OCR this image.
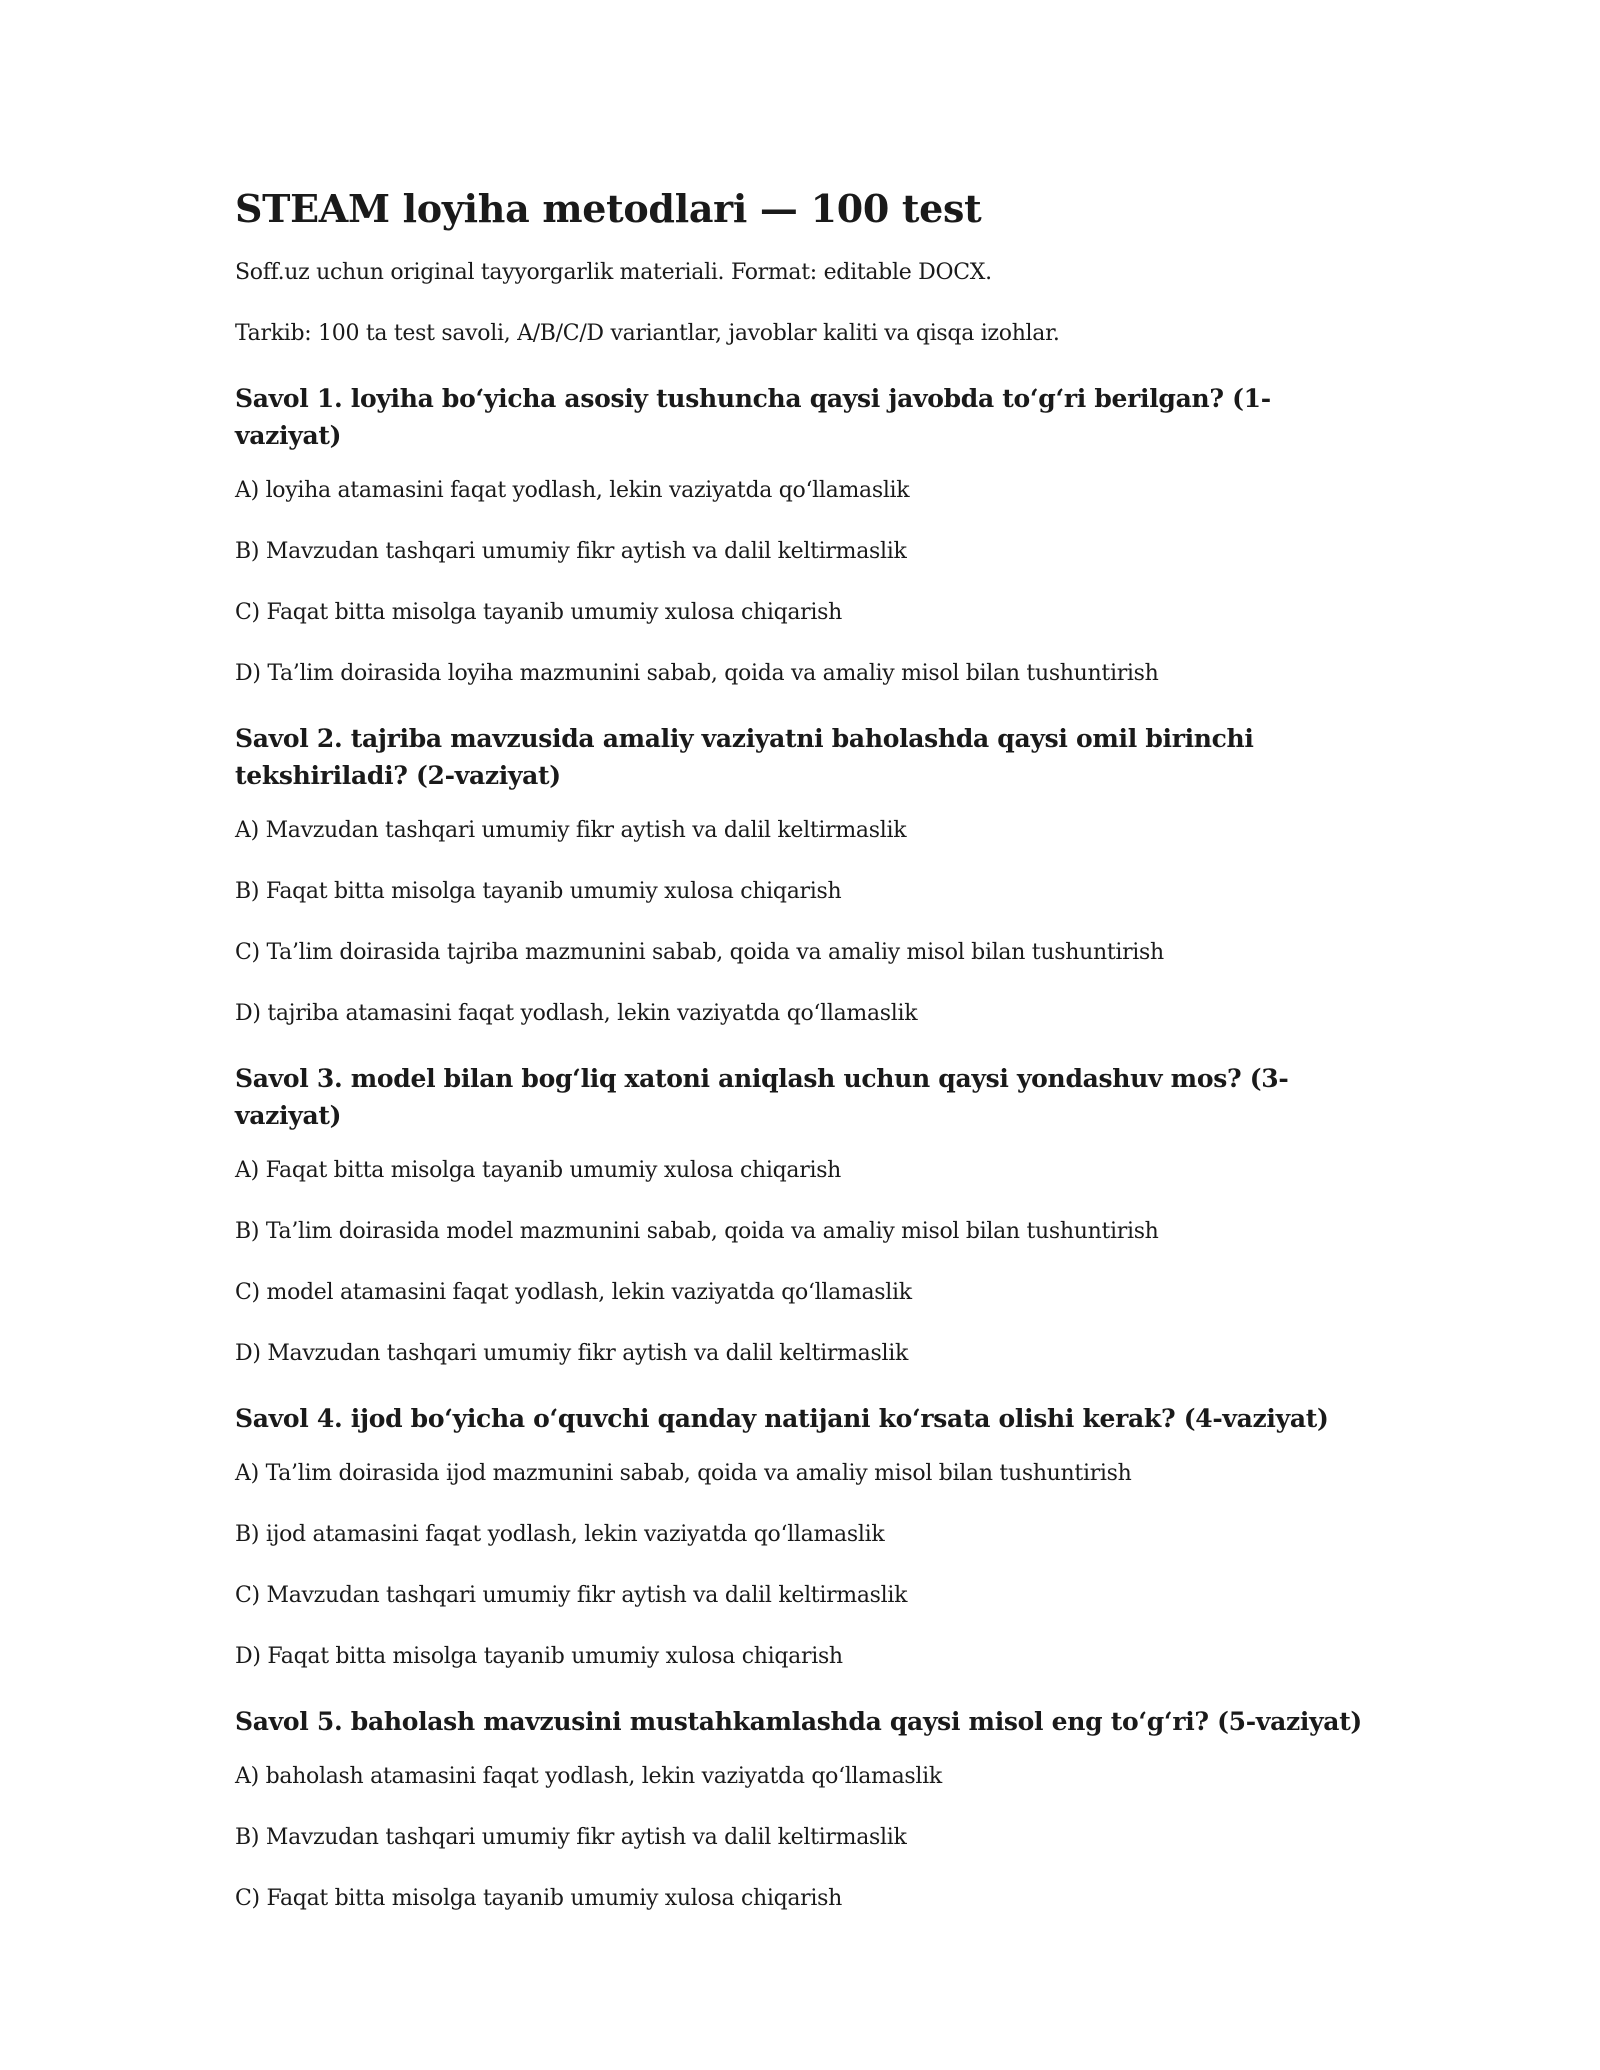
STEAM loyiha metodlari — 100 test

Soff.uz uchun original tayyorgarlik materiali. Format: editable DOCX.

Tarkib: 100 ta test savoli, A/B/C/D variantlar, javoblar kaliti va qisqa izohlar.

Savol 1. loyiha bo‘yicha asosiy tushuncha qaysi javobda to‘g‘ri berilgan? (1-vaziyat)

A) loyiha atamasini faqat yodlash, lekin vaziyatda qo‘llamaslik

B) Mavzudan tashqari umumiy fikr aytish va dalil keltirmaslik

C) Faqat bitta misolga tayanib umumiy xulosa chiqarish

D) Ta’lim doirasida loyiha mazmunini sabab, qoida va amaliy misol bilan tushuntirish

Savol 2. tajriba mavzusida amaliy vaziyatni baholashda qaysi omil birinchi tekshiriladi? (2-vaziyat)

A) Mavzudan tashqari umumiy fikr aytish va dalil keltirmaslik

B) Faqat bitta misolga tayanib umumiy xulosa chiqarish

C) Ta’lim doirasida tajriba mazmunini sabab, qoida va amaliy misol bilan tushuntirish

D) tajriba atamasini faqat yodlash, lekin vaziyatda qo‘llamaslik

Savol 3. model bilan bog‘liq xatoni aniqlash uchun qaysi yondashuv mos? (3-vaziyat)

A) Faqat bitta misolga tayanib umumiy xulosa chiqarish

B) Ta’lim doirasida model mazmunini sabab, qoida va amaliy misol bilan tushuntirish

C) model atamasini faqat yodlash, lekin vaziyatda qo‘llamaslik

D) Mavzudan tashqari umumiy fikr aytish va dalil keltirmaslik

Savol 4. ijod bo‘yicha o‘quvchi qanday natijani ko‘rsata olishi kerak? (4-vaziyat)

A) Ta’lim doirasida ijod mazmunini sabab, qoida va amaliy misol bilan tushuntirish

B) ijod atamasini faqat yodlash, lekin vaziyatda qo‘llamaslik

C) Mavzudan tashqari umumiy fikr aytish va dalil keltirmaslik

D) Faqat bitta misolga tayanib umumiy xulosa chiqarish

Savol 5. baholash mavzusini mustahkamlashda qaysi misol eng to‘g‘ri? (5-vaziyat)

A) baholash atamasini faqat yodlash, lekin vaziyatda qo‘llamaslik

B) Mavzudan tashqari umumiy fikr aytish va dalil keltirmaslik

C) Faqat bitta misolga tayanib umumiy xulosa chiqarish
